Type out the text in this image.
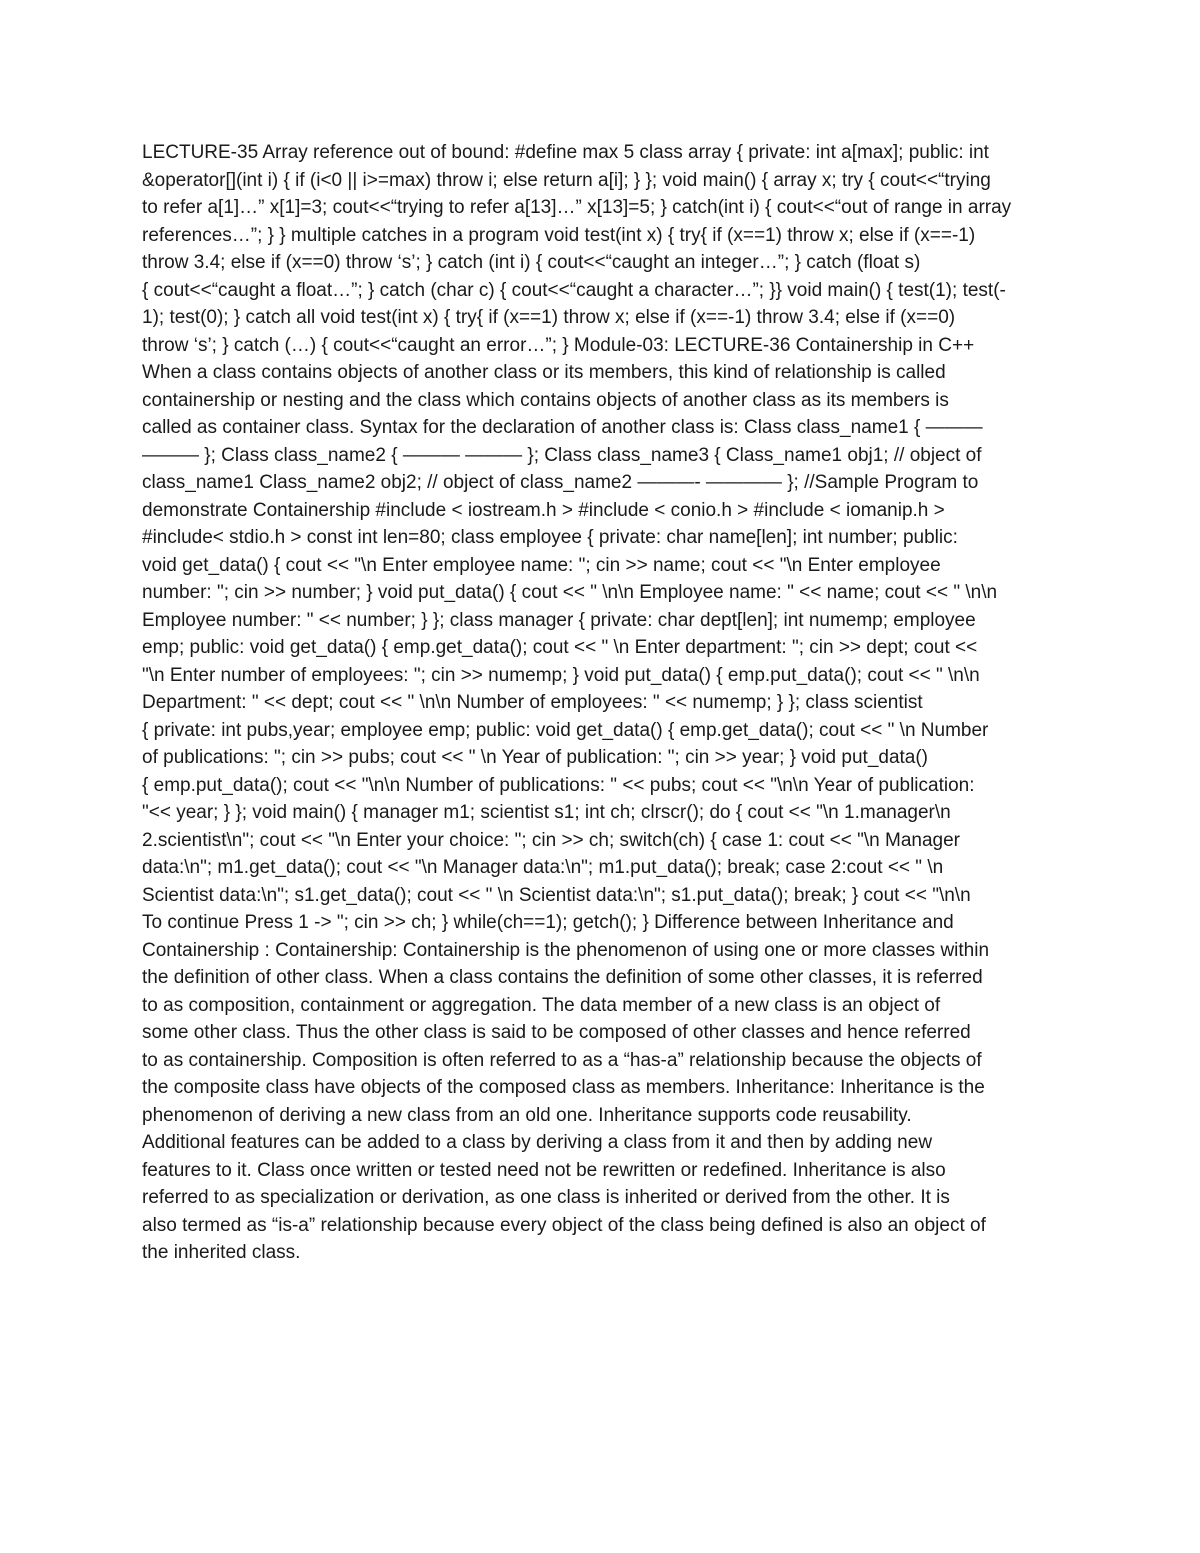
LECTURE-35 Array reference out of bound: #define max 5 class array { private: int a[max]; public: int
&operator[](int i) { if (i<0 || i>=max) throw i; else return a[i]; } }; void main() { array x; try { cout<<“trying
to refer a[1]…” x[1]=3; cout<<“trying to refer a[13]…” x[13]=5; } catch(int i) { cout<<“out of range in array
references…”; } } multiple catches in a program void test(int x) { try{ if (x==1) throw x; else if (x==-1)
throw 3.4; else if (x==0) throw ‘s’; } catch (int i) { cout<<“caught an integer…”; } catch (float s)
{ cout<<“caught a float…”; } catch (char c) { cout<<“caught a character…”; }} void main() { test(1); test(-
1); test(0); } catch all void test(int x) { try{ if (x==1) throw x; else if (x==-1) throw 3.4; else if (x==0)
throw ‘s’; } catch (…) { cout<<“caught an error…”; } Module-03: LECTURE-36 Containership in C++
When a class contains objects of another class or its members, this kind of relationship is called
containership or nesting and the class which contains objects of another class as its members is
called as container class. Syntax for the declaration of another class is: Class class_name1 { ———
——— }; Class class_name2 { ——— ——— }; Class class_name3 { Class_name1 obj1; // object of
class_name1 Class_name2 obj2; // object of class_name2 ———- ———— }; //Sample Program to
demonstrate Containership #include < iostream.h > #include < conio.h > #include < iomanip.h >
#include< stdio.h > const int len=80; class employee { private: char name[len]; int number; public:
void get_data() { cout << "\n Enter employee name: "; cin >> name; cout << "\n Enter employee
number: "; cin >> number; } void put_data() { cout << " \n\n Employee name: " << name; cout << " \n\n
Employee number: " << number; } }; class manager { private: char dept[len]; int numemp; employee
emp; public: void get_data() { emp.get_data(); cout << " \n Enter department: "; cin >> dept; cout <<
"\n Enter number of employees: "; cin >> numemp; } void put_data() { emp.put_data(); cout << " \n\n
Department: " << dept; cout << " \n\n Number of employees: " << numemp; } }; class scientist
{ private: int pubs,year; employee emp; public: void get_data() { emp.get_data(); cout << " \n Number
of publications: "; cin >> pubs; cout << " \n Year of publication: "; cin >> year; } void put_data()
{ emp.put_data(); cout << "\n\n Number of publications: " << pubs; cout << "\n\n Year of publication:
"<< year; } }; void main() { manager m1; scientist s1; int ch; clrscr(); do { cout << "\n 1.manager\n
2.scientist\n"; cout << "\n Enter your choice: "; cin >> ch; switch(ch) { case 1: cout << "\n Manager
data:\n"; m1.get_data(); cout << "\n Manager data:\n"; m1.put_data(); break; case 2:cout << " \n
Scientist data:\n"; s1.get_data(); cout << " \n Scientist data:\n"; s1.put_data(); break; } cout << "\n\n
To continue Press 1 -> "; cin >> ch; } while(ch==1); getch(); } Difference between Inheritance and
Containership : Containership: Containership is the phenomenon of using one or more classes within
the definition of other class. When a class contains the definition of some other classes, it is referred
to as composition, containment or aggregation. The data member of a new class is an object of
some other class. Thus the other class is said to be composed of other classes and hence referred
to as containership. Composition is often referred to as a “has-a” relationship because the objects of
the composite class have objects of the composed class as members. Inheritance: Inheritance is the
phenomenon of deriving a new class from an old one. Inheritance supports code reusability.
Additional features can be added to a class by deriving a class from it and then by adding new
features to it. Class once written or tested need not be rewritten or redefined. Inheritance is also
referred to as specialization or derivation, as one class is inherited or derived from the other. It is
also termed as “is-a” relationship because every object of the class being defined is also an object of
the inherited class.
